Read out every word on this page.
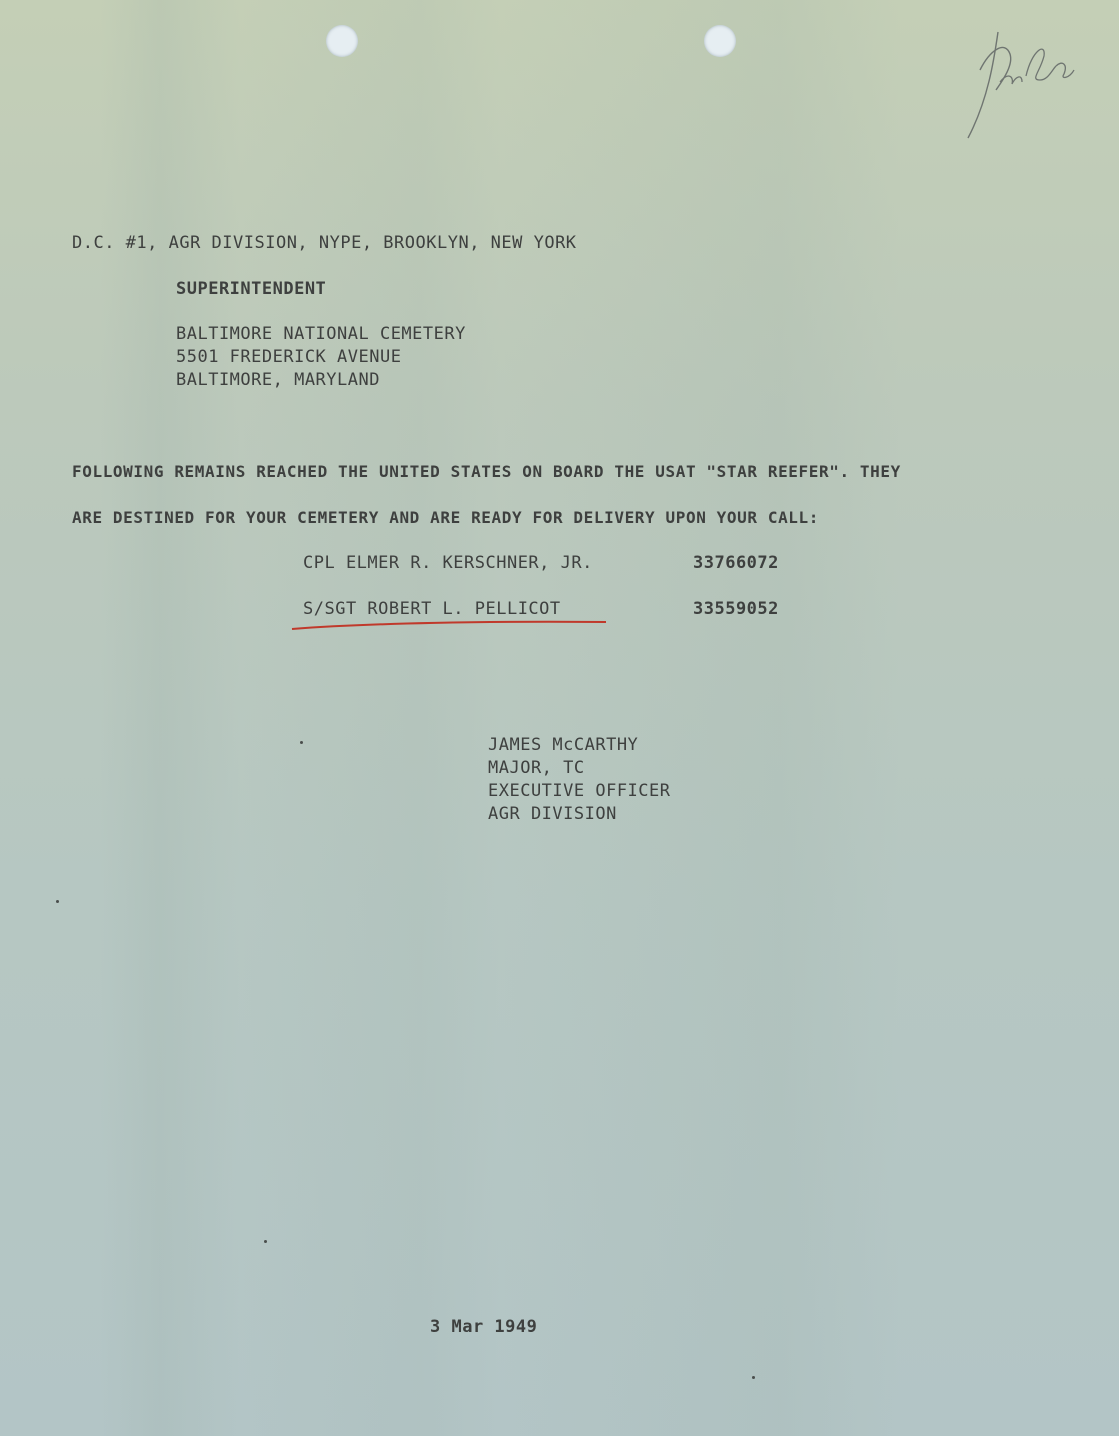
D.C. #1, AGR DIVISION, NYPE, BROOKLYN, NEW YORK
SUPERINTENDENT
BALTIMORE NATIONAL CEMETERY
5501 FREDERICK AVENUE
BALTIMORE, MARYLAND
FOLLOWING REMAINS REACHED THE UNITED STATES ON BOARD THE USAT "STAR REEFER". THEY
ARE DESTINED FOR YOUR CEMETERY AND ARE READY FOR DELIVERY UPON YOUR CALL:
CPL ELMER R. KERSCHNER, JR.	33766072
S/SGT ROBERT L. PELLICOT	33559052
JAMES McCARTHY
MAJOR, TC
EXECUTIVE OFFICER
AGR DIVISION
3 Mar 1949
